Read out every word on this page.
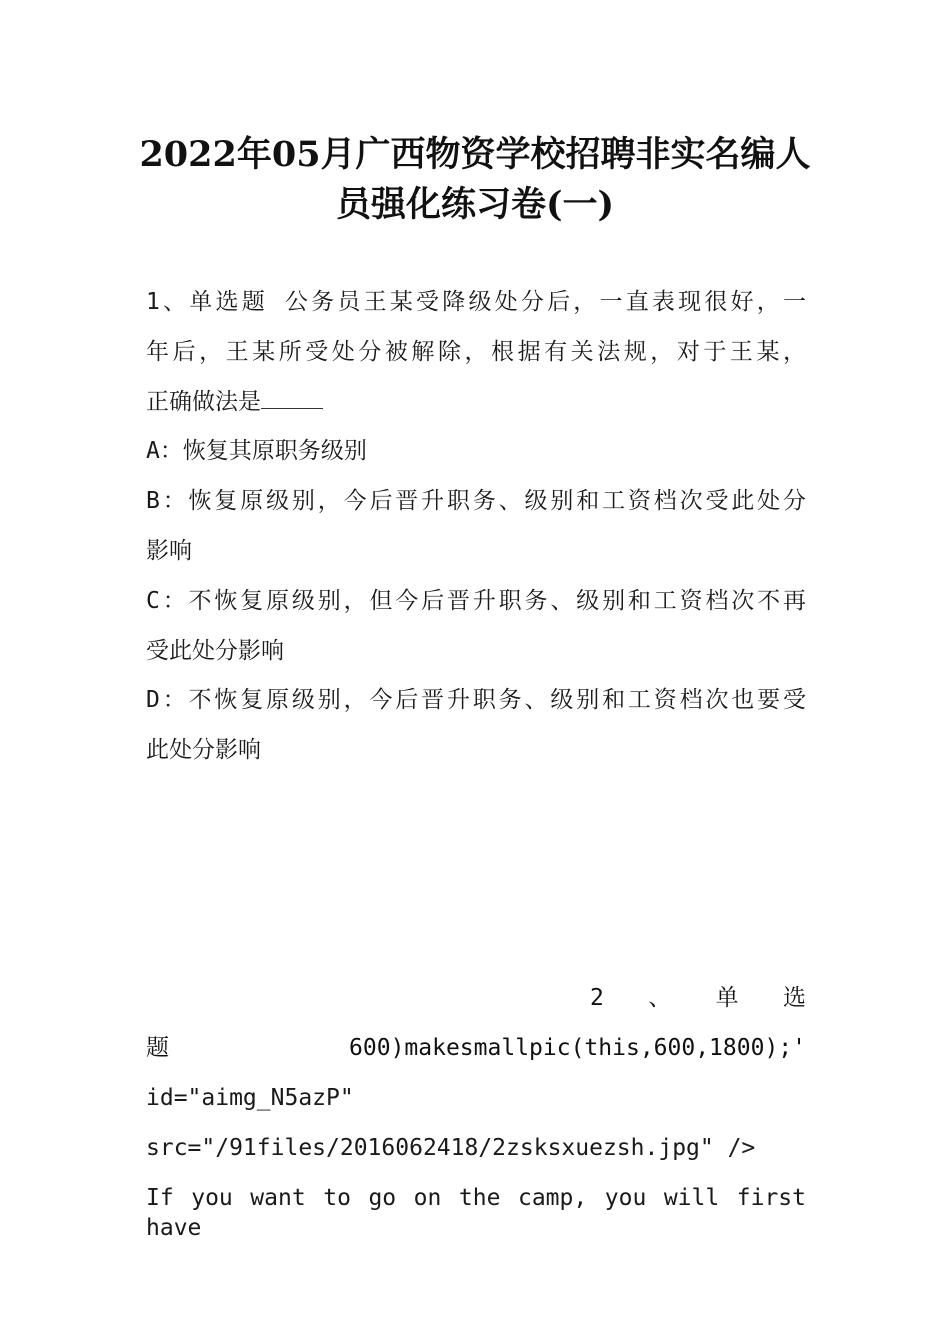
2022年05月广西物资学校招聘非实名编人
员强化练习卷(一)
1、单选题 公务员王某受降级处分后，一直表现很好，一
年后，王某所受处分被解除，根据有关法规，对于王某，
正确做法是
A：恢复其原职务级别
B：恢复原级别，今后晋升职务、级别和工资档次受此处分
影响
C：不恢复原级别，但今后晋升职务、级别和工资档次不再
受此处分影响
D：不恢复原级别，今后晋升职务、级别和工资档次也要受
此处分影响
2 、 单 选
题	600)makesmallpic(this,600,1800);'
id="aimg_N5azP"
src="/91files/2016062418/2zsksxuezsh.jpg" />
If you want to go on the camp, you will first have
